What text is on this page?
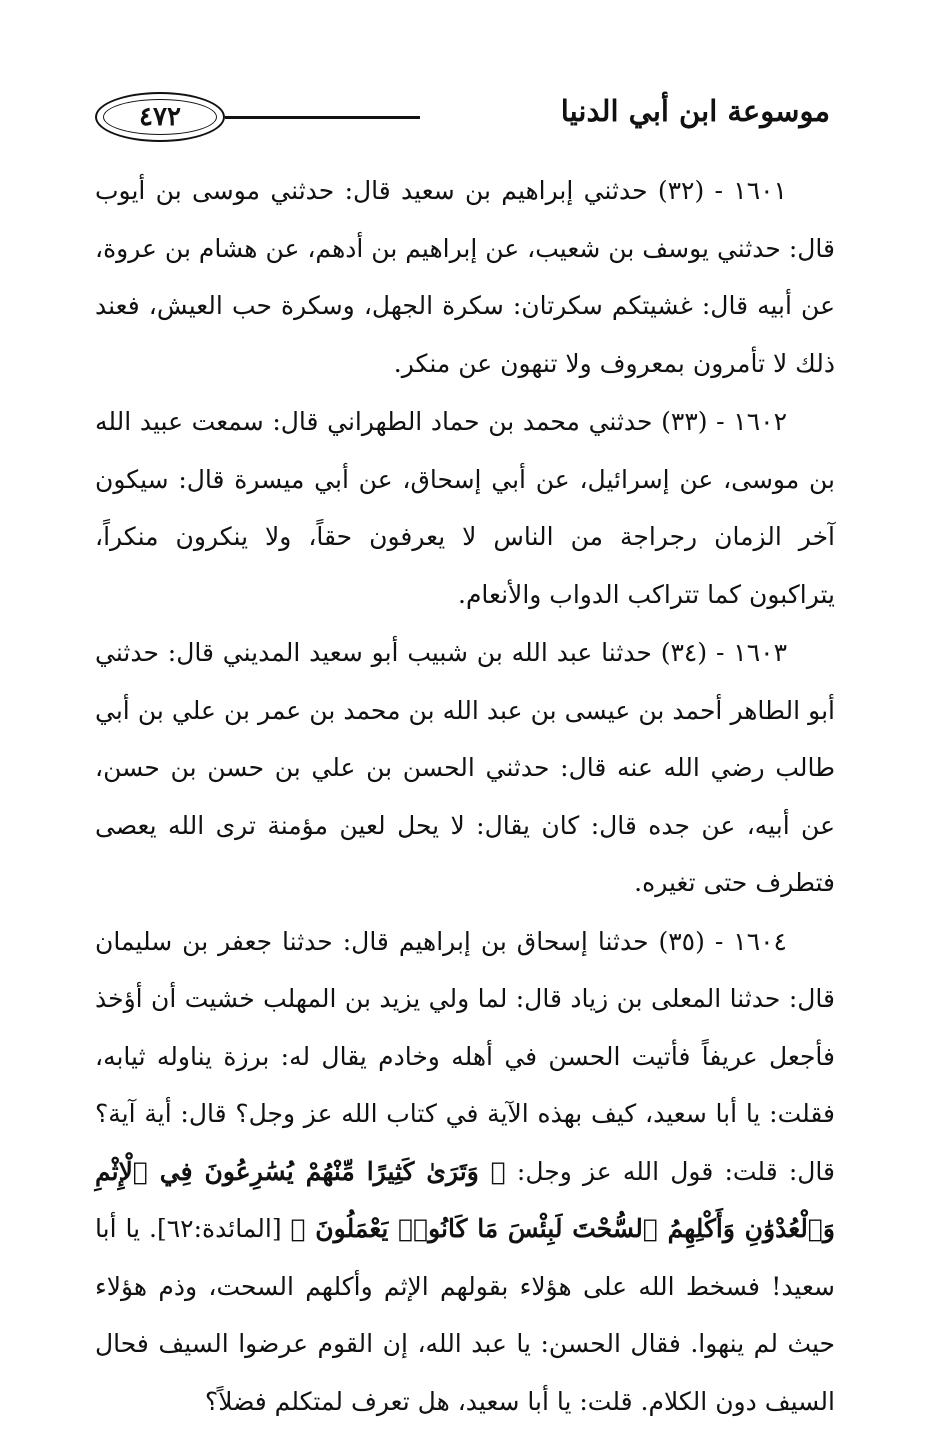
٤٧٢	موسوعة ابن أبي الدنيا

١٦٠١ - (٣٢) حدثني إبراهيم بن سعيد قال: حدثني موسى بن أيوب قال: حدثني يوسف بن شعيب، عن إبراهيم بن أدهم، عن هشام بن عروة، عن أبيه قال: غشيتكم سكرتان: سكرة الجهل، وسكرة حب العيش، فعند ذلك لا تأمرون بمعروف ولا تنهون عن منكر.

١٦٠٢ - (٣٣) حدثني محمد بن حماد الطهراني قال: سمعت عبيد الله بن موسى، عن إسرائيل، عن أبي إسحاق، عن أبي ميسرة قال: سيكون آخر الزمان رجراجة من الناس لا يعرفون حقاً، ولا ينكرون منكراً، يتراكبون كما تتراكب الدواب والأنعام.

١٦٠٣ - (٣٤) حدثنا عبد الله بن شبيب أبو سعيد المديني قال: حدثني أبو الطاهر أحمد بن عيسى بن عبد الله بن محمد بن عمر بن علي بن أبي طالب رضي الله عنه قال: حدثني الحسن بن علي بن حسن بن حسن، عن أبيه، عن جده قال: كان يقال: لا يحل لعين مؤمنة ترى الله يعصى فتطرف حتى تغيره.

١٦٠٤ - (٣٥) حدثنا إسحاق بن إبراهيم قال: حدثنا جعفر بن سليمان قال: حدثنا المعلى بن زياد قال: لما ولي يزيد بن المهلب خشيت أن أؤخذ فأجعل عريفاً فأتيت الحسن في أهله وخادم يقال له: برزة يناوله ثيابه، فقلت: يا أبا سعيد، كيف بهذه الآية في كتاب الله عز وجل؟ قال: أية آية؟ قال: قلت: قول الله عز وجل: ﴿ وَتَرَىٰ كَثِيرًا مِّنْهُمْ يُسَٰرِعُونَ فِي ٱلْإِثْمِ وَٱلْعُدْوَٰنِ وَأَكْلِهِمُ ٱلسُّحْتَ لَبِئْسَ مَا كَانُوا۟ يَعْمَلُونَ ﴾ [المائدة:٦٢]. يا أبا سعيد! فسخط الله على هؤلاء بقولهم الإثم وأكلهم السحت، وذم هؤلاء حيث لم ينهوا. فقال الحسن: يا عبد الله، إن القوم عرضوا السيف فحال السيف دون الكلام. قلت: يا أبا سعيد، هل تعرف لمتكلم فضلاً؟
